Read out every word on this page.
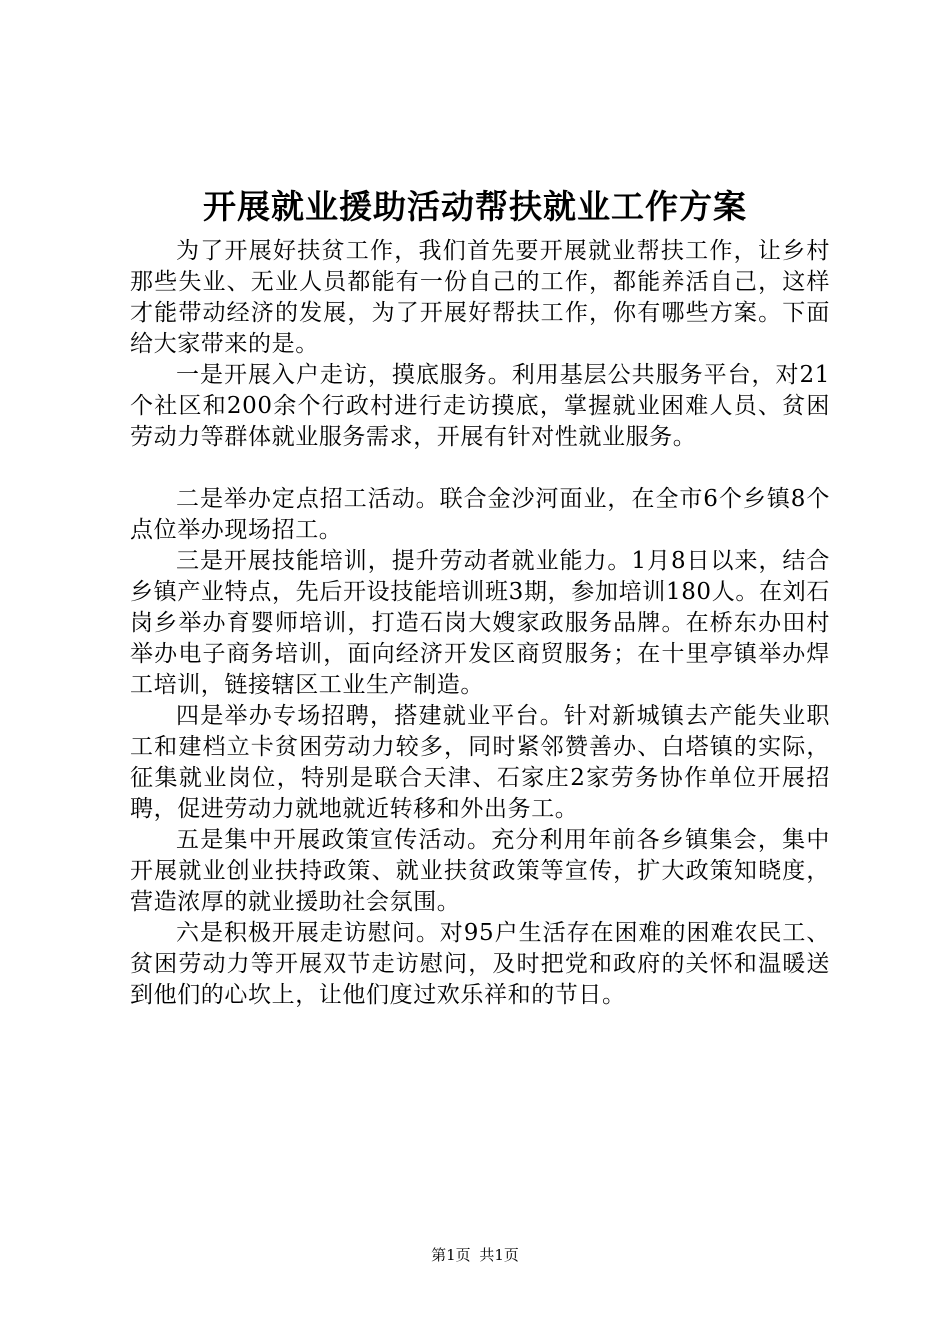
开展就业援助活动帮扶就业工作方案

为了开展好扶贫工作，我们首先要开展就业帮扶工作，让乡村那些失业、无业人员都能有一份自己的工作，都能养活自己，这样才能带动经济的发展，为了开展好帮扶工作，你有哪些方案。下面给大家带来的是。

一是开展入户走访，摸底服务。利用基层公共服务平台，对21个社区和200余个行政村进行走访摸底，掌握就业困难人员、贫困劳动力等群体就业服务需求，开展有针对性就业服务。

二是举办定点招工活动。联合金沙河面业，在全市6个乡镇8个点位举办现场招工。

三是开展技能培训，提升劳动者就业能力。1月8日以来，结合乡镇产业特点，先后开设技能培训班3期，参加培训180人。在刘石岗乡举办育婴师培训，打造石岗大嫂家政服务品牌。在桥东办田村举办电子商务培训，面向经济开发区商贸服务；在十里亭镇举办焊工培训，链接辖区工业生产制造。

四是举办专场招聘，搭建就业平台。针对新城镇去产能失业职工和建档立卡贫困劳动力较多，同时紧邻赞善办、白塔镇的实际，征集就业岗位，特别是联合天津、石家庄2家劳务协作单位开展招聘，促进劳动力就地就近转移和外出务工。

五是集中开展政策宣传活动。充分利用年前各乡镇集会，集中开展就业创业扶持政策、就业扶贫政策等宣传，扩大政策知晓度，营造浓厚的就业援助社会氛围。

六是积极开展走访慰问。对95户生活存在困难的困难农民工、贫困劳动力等开展双节走访慰问，及时把党和政府的关怀和温暖送到他们的心坎上，让他们度过欢乐祥和的节日。

第1页 共1页
